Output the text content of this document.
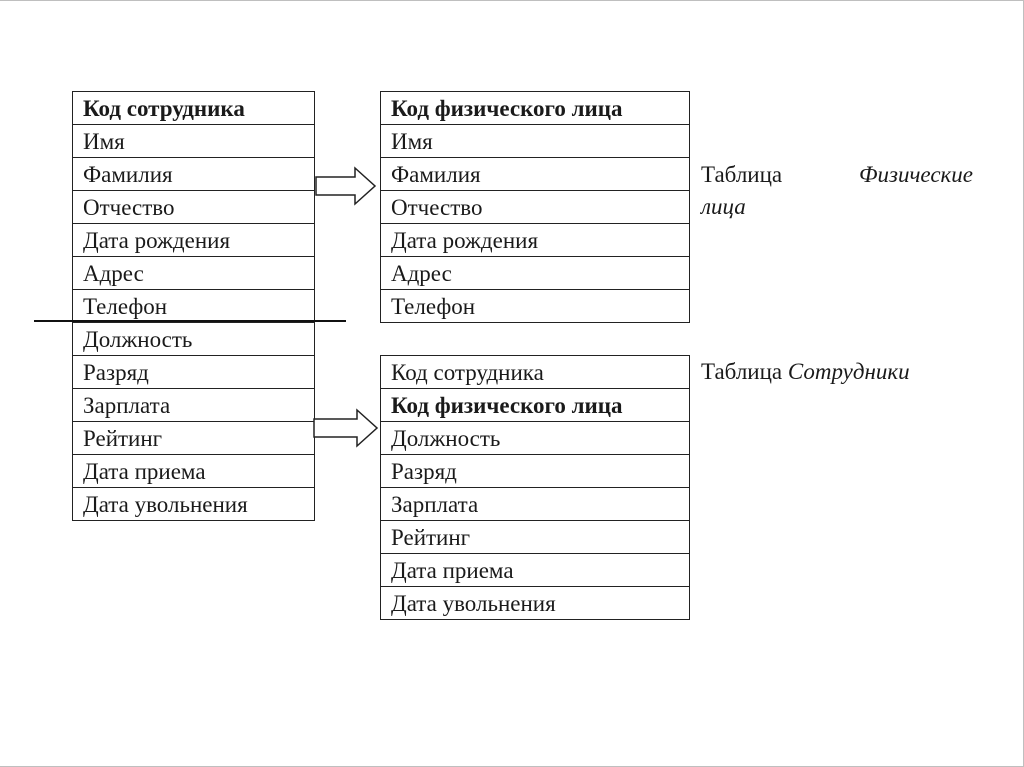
Код сотрудника
Имя
Фамилия
Отчество
Дата рождения
Адрес
Телефон
Должность
Разряд
Зарплата
Рейтинг
Дата приема
Дата увольнения
Код физического лица
Имя
Фамилия
Отчество
Дата рождения
Адрес
Телефон
Таблица	Физические
лица
Код сотрудника
Код физического лица
Должность
Разряд
Зарплата
Рейтинг
Дата приема
Дата увольнения
Таблица Сотрудники
